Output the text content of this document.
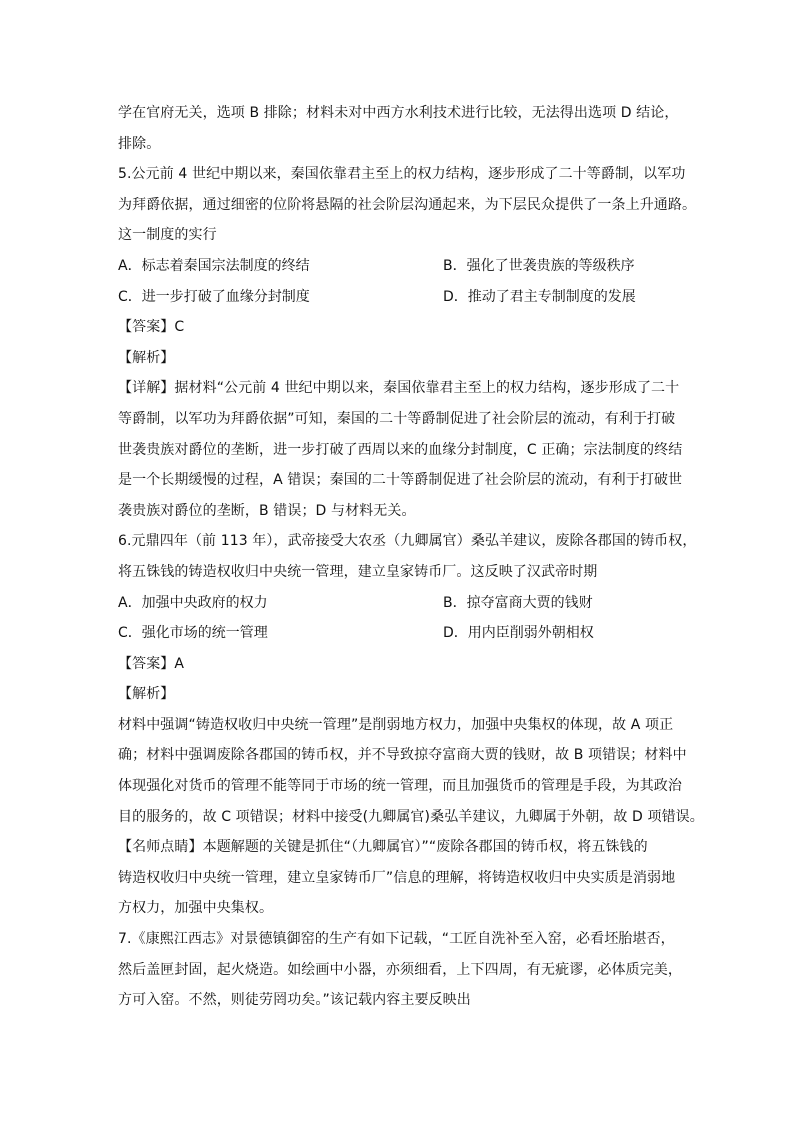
学在官府无关，选项 B 排除；材料未对中西方水利技术进行比较，无法得出选项 D 结论，
排除。
5.公元前 4 世纪中期以来，秦国依靠君主至上的权力结构，逐步形成了二十等爵制，以军功
为拜爵依据，通过细密的位阶将悬隔的社会阶层沟通起来，为下层民众提供了一条上升通路。
这一制度的实行
A．标志着秦国宗法制度的终结	B．强化了世袭贵族的等级秩序
C．进一步打破了血缘分封制度	D．推动了君主专制制度的发展
【答案】C
【解析】
【详解】据材料“公元前 4 世纪中期以来，秦国依靠君主至上的权力结构，逐步形成了二十
等爵制，以军功为拜爵依据”可知，秦国的二十等爵制促进了社会阶层的流动，有利于打破
世袭贵族对爵位的垄断，进一步打破了西周以来的血缘分封制度，C 正确；宗法制度的终结
是一个长期缓慢的过程，A 错误；秦国的二十等爵制促进了社会阶层的流动，有利于打破世
袭贵族对爵位的垄断，B 错误；D 与材料无关。
6.元鼎四年（前 113 年），武帝接受大农丞（九卿属官）桑弘羊建议，废除各郡国的铸币权，
将五铢钱的铸造权收归中央统一管理，建立皇家铸币厂。这反映了汉武帝时期
A．加强中央政府的权力	B．掠夺富商大贾的钱财
C．强化市场的统一管理	D．用内臣削弱外朝相权
【答案】A
【解析】
材料中强调“铸造权收归中央统一管理”是削弱地方权力，加强中央集权的体现，故 A 项正
确；材料中强调废除各郡国的铸币权，并不导致掠夺富商大贾的钱财，故 B 项错误；材料中
体现强化对货币的管理不能等同于市场的统一管理，而且加强货币的管理是手段，为其政治
目的服务的，故 C 项错误；材料中接受(九卿属官)桑弘羊建议，九卿属于外朝，故 D 项错误。
【名师点睛】本题解题的关键是抓住“（九卿属官）”“废除各郡国的铸币权，将五铢钱的
铸造权收归中央统一管理，建立皇家铸币厂”信息的理解，将铸造权收归中央实质是消弱地
方权力，加强中央集权。
7.《康熙江西志》对景德镇御窑的生产有如下记载，“工匠自洗补至入窑，必看坯胎堪否，
然后盖匣封固，起火烧造。如绘画中小器，亦须细看，上下四周，有无疵谬，必体质完美，
方可入窑。不然，则徒劳罔功矣。”该记载内容主要反映出
